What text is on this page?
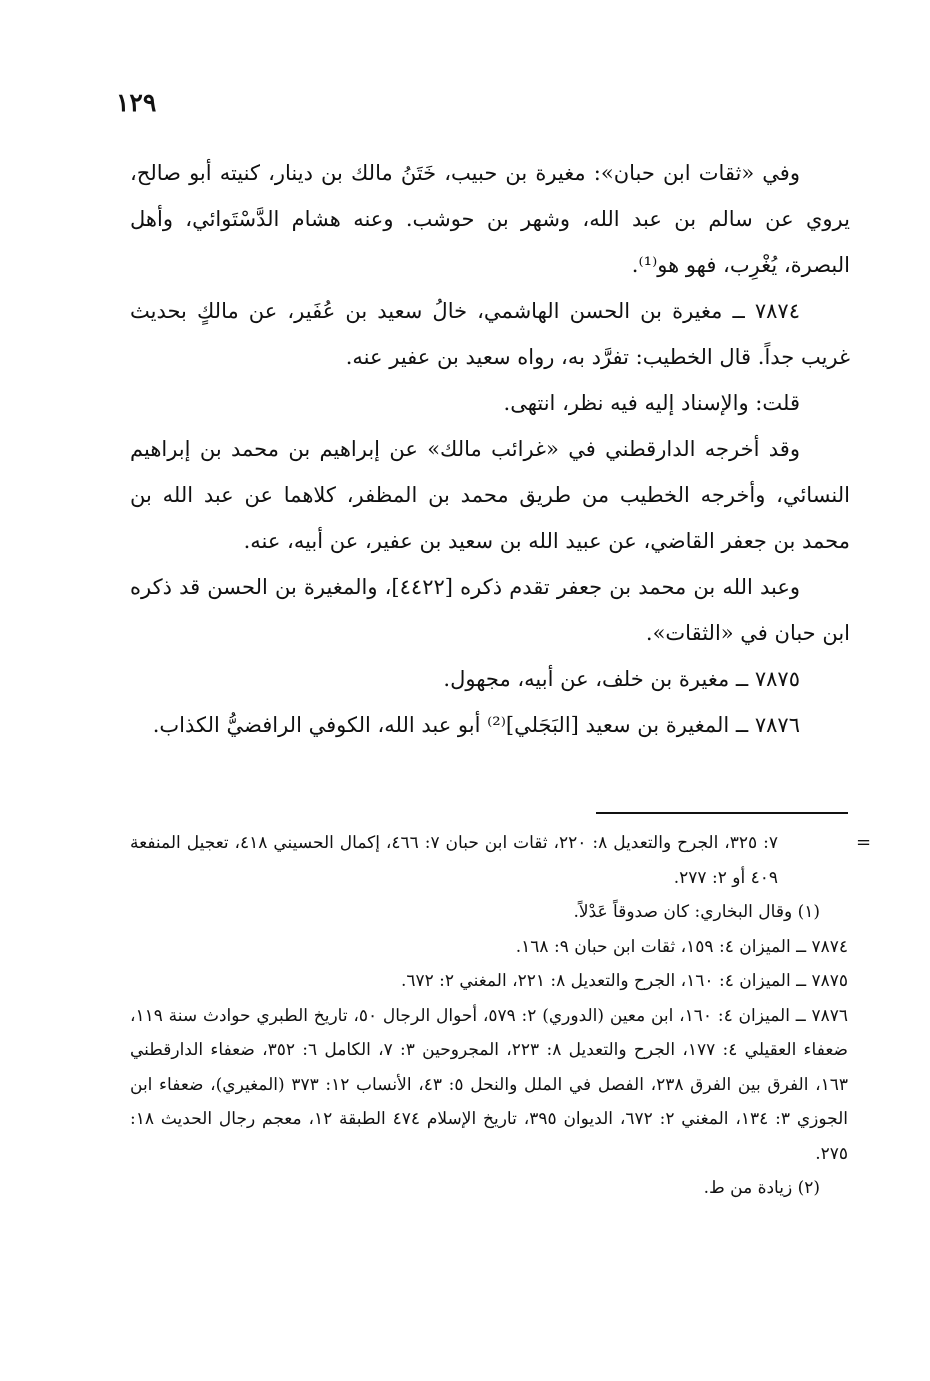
١٢٩

وفي «ثقات ابن حبان»: مغيرة بن حبيب، خَتَنُ مالك بن دينار، كنيته أبو صالح، يروي عن سالم بن عبد الله، وشهر بن حوشب. وعنه هشام الدَّسْتَوائي، وأهل البصرة، يُغْرِب، فهو هو⁽¹⁾.

٧٨٧٤ ــ مغيرة بن الحسن الهاشمي، خالُ سعيد بن عُفَير، عن مالكٍ بحديث غريب جداً. قال الخطيب: تفرَّد به، رواه سعيد بن عفير عنه.

قلت: والإسناد إليه فيه نظر، انتهى.

وقد أخرجه الدارقطني في «غرائب مالك» عن إبراهيم بن محمد بن إبراهيم النسائي، وأخرجه الخطيب من طريق محمد بن المظفر، كلاهما عن عبد الله بن محمد بن جعفر القاضي، عن عبيد الله بن سعيد بن عفير، عن أبيه، عنه.

وعبد الله بن محمد بن جعفر تقدم ذكره [٤٤٢٢]، والمغيرة بن الحسن قد ذكره ابن حبان في «الثقات».

٧٨٧٥ ــ مغيرة بن خلف، عن أبيه، مجهول.

٧٨٧٦ ــ المغيرة بن سعيد [البَجَلي]⁽²⁾ أبو عبد الله، الكوفي الرافضيُّ الكذاب.

=

٧: ٣٢٥، الجرح والتعديل ٨: ٢٢٠، ثقات ابن حبان ٧: ٤٦٦، إكمال الحسيني ٤١٨، تعجيل المنفعة ٤٠٩ أو ٢: ٢٧٧.

(١) وقال البخاري: كان صدوقاً عَدْلاً.

٧٨٧٤ ــ الميزان ٤: ١٥٩، ثقات ابن حبان ٩: ١٦٨.

٧٨٧٥ ــ الميزان ٤: ١٦٠، الجرح والتعديل ٨: ٢٢١، المغني ٢: ٦٧٢.

٧٨٧٦ ــ الميزان ٤: ١٦٠، ابن معين (الدوري) ٢: ٥٧٩، أحوال الرجال ٥٠، تاريخ الطبري حوادث سنة ١١٩، ضعفاء العقيلي ٤: ١٧٧، الجرح والتعديل ٨: ٢٢٣، المجروحين ٣: ٧، الكامل ٦: ٣٥٢، ضعفاء الدارقطني ١٦٣، الفرق بين الفرق ٢٣٨، الفصل في الملل والنحل ٥: ٤٣، الأنساب ١٢: ٣٧٣ (المغيري)، ضعفاء ابن الجوزي ٣: ١٣٤، المغني ٢: ٦٧٢، الديوان ٣٩٥، تاريخ الإسلام ٤٧٤ الطبقة ١٢، معجم رجال الحديث ١٨: ٢٧٥.

(٢) زيادة من ط.
